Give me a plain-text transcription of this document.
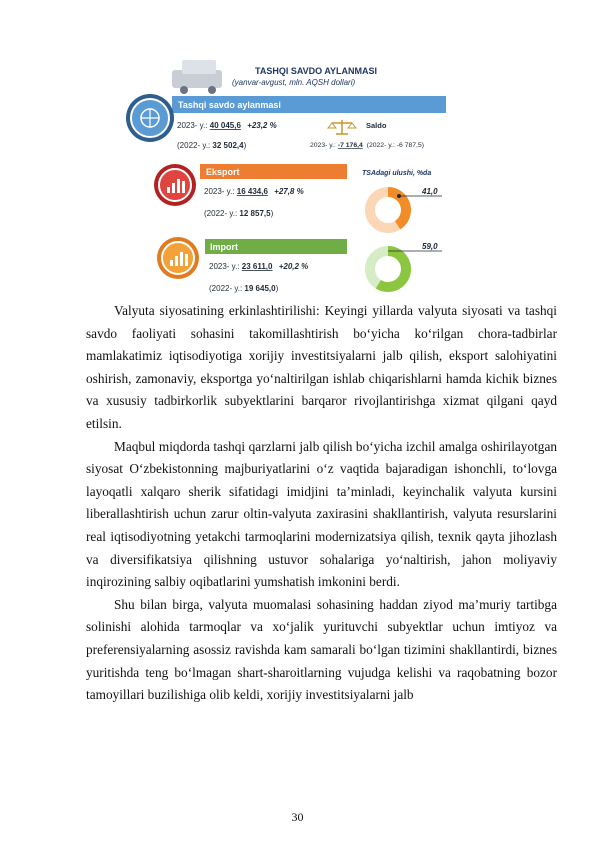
TASHQI SAVDO AYLANMASI
(yanvar-avgust, mln. AQSH dollari)
Tashqi savdo aylanmasi
2023- y.: 40 045,6 +23,2 %
(2022- y.: 32 502,4)
Saldo
2023- y.: -7 176,4 (2022- y.: -6 787,5)
Eksport
2023- y.: 16 434,6 +27,8 %
(2022- y.: 12 857,5)
TSAdagi ulushi, %da
41,0
Import
2023- y.: 23 611,0 +20,2 %
(2022- y.: 19 645,0)
59,0

Valyuta siyosatining erkinlashtirilishi: Keyingi yillarda valyuta siyosati va tashqi savdo faoliyati sohasini takomillashtirish bo‘yicha ko‘rilgan chora-tadbirlar mamlakatimiz iqtisodiyotiga xorijiy investitsiyalarni jalb qilish, eksport salohiyatini oshirish, zamonaviy, eksportga yo‘naltirilgan ishlab chiqarishlarni hamda kichik biznes va xususiy tadbirkorlik subyektlarini barqaror rivojlantirishga xizmat qilgani qayd etilsin.

Maqbul miqdorda tashqi qarzlarni jalb qilish bo‘yicha izchil amalga oshirilayotgan siyosat O‘zbekistonning majburiyatlarini o‘z vaqtida bajaradigan ishonchli, to‘lovga layoqatli xalqaro sherik sifatidagi imidjini ta’minladi, keyinchalik valyuta kursini liberallashtirish uchun zarur oltin-valyuta zaxirasini shakllantirish, valyuta resurslarini real iqtisodiyotning yetakchi tarmoqlarini modernizatsiya qilish, texnik qayta jihozlash va diversifikatsiya qilishning ustuvor sohalariga yo‘naltirish, jahon moliyaviy inqirozining salbiy oqibatlarini yumshatish imkonini berdi.

Shu bilan birga, valyuta muomalasi sohasining haddan ziyod ma’muriy tartibga solinishi alohida tarmoqlar va xo‘jalik yurituvchi subyektlar uchun imtiyoz va preferensiyalarning asossiz ravishda kam samarali bo‘lgan tizimini shakllantirdi, biznes yuritishda teng bo‘lmagan shart-sharoitlarning vujudga kelishi va raqobatning bozor tamoyillari buzilishiga olib keldi, xorijiy investitsiyalarni jalb

30
